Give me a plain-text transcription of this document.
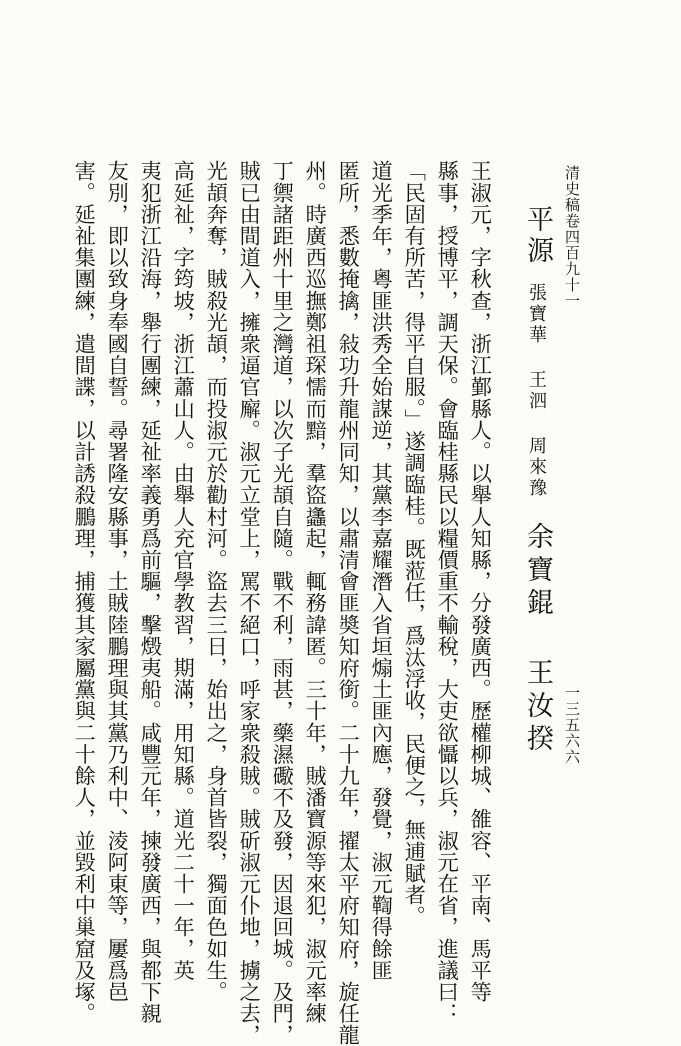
清史稿卷四百九十一
一三五六六
平源
張寶華 王泗 周來豫
余寶錕 王汝揆
王淑元，字秋查，浙江鄞縣人。以舉人知縣，分發廣西。歷權柳城、雒容、平南、馬平等
縣事，授博平，調天保。會臨桂縣民以糧價重不輸稅，大吏欲懾以兵，淑元在省，進議曰：
「民固有所苦，得平自服。」遂調臨桂。既蒞任，爲汰浮收，民便之，無逋賦者。
道光季年，粵匪洪秀全始謀逆，其黨李嘉耀潛入省垣煽土匪內應，發覺，淑元鞫得餘匪
匿所，悉數掩擒，敍功升龍州同知，以肅清會匪奬知府銜。二十九年，擢太平府知府，旋任龍
州。時廣西巡撫鄭祖琛懦而黯，羣盜蠭起，輒務諱匿。三十年，賊潘寶源等來犯，淑元率練
丁禦諸距州十里之灣道，以次子光頡自隨。戰不利，雨甚，藥濕礮不及發，因退回城。及門，
賊已由間道入，擁衆逼官廨。淑元立堂上，罵不絕口，呼家衆殺賊。賊斫淑元仆地，擄之去，
光頡奔奪，賊殺光頡，而投淑元於勸村河。盜去三日，始出之，身首皆裂，獨面色如生。
高延祉，字筠坡，浙江蕭山人。由舉人充官學教習，期滿，用知縣。道光二十一年，英
夷犯浙江沿海，舉行團練，延祉率義勇爲前驅，擊燬夷船。咸豐元年，揀發廣西，與都下親
友別，即以致身奉國自誓。尋署隆安縣事，土賊陸鵬理與其黨乃利中、淩阿東等，屢爲邑
害。延祉集團練，遣間諜，以計誘殺鵬理，捕獲其家屬黨與二十餘人，並毀利中巢窟及塚。
